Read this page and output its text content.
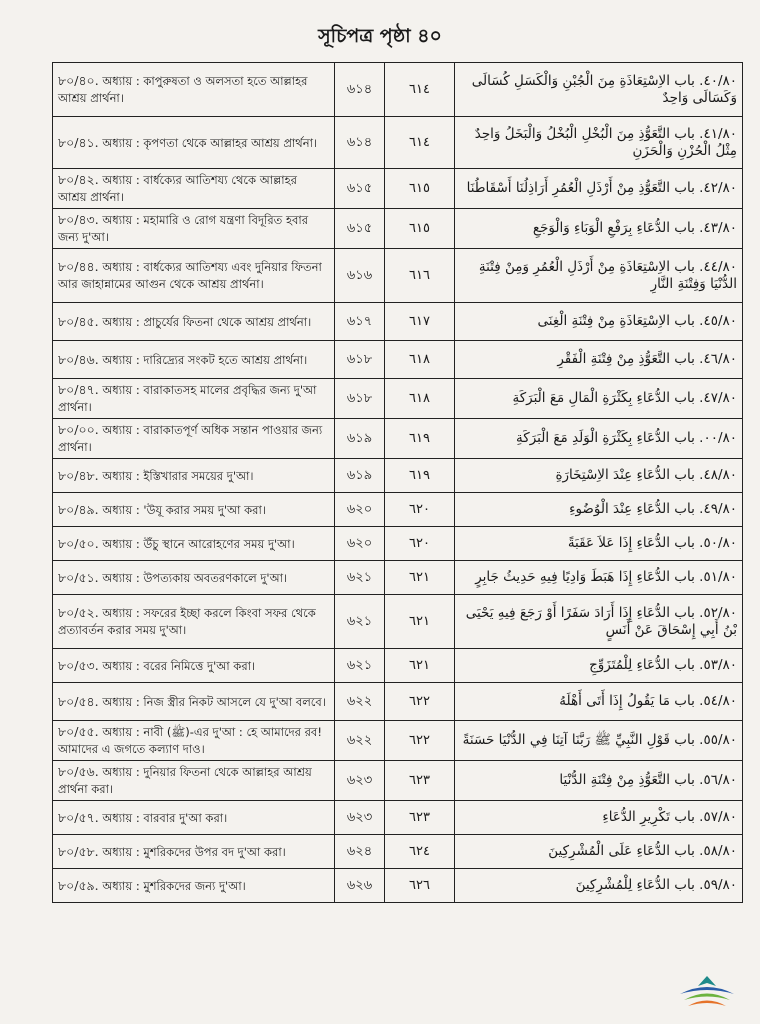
সূচিপত্র পৃষ্ঠা ৪০
৮০/৪০. অধ্যায় : কাপুরুষতা ও অলসতা হতে আল্লাহর আশ্রয় প্রার্থনা।	৬১৪	٦١٤	٤٠/٨٠. باب الاِسْتِعَاذَةِ مِنَ الْجُبْنِ وَالْكَسَلِ كُسَالَى وَكَسَالَى وَاحِدٌ
৮০/৪১. অধ্যায় : কৃপণতা থেকে আল্লাহর আশ্রয় প্রার্থনা।	৬১৪	٦١٤	٤١/٨٠. باب التَّعَوُّذِ مِنَ الْبُخْلِ الْبُخْلُ وَالْبَخَلُ وَاحِدٌ مِثْلُ الْحُزْنِ وَالْحَزَنِ
৮০/৪২. অধ্যায় : বার্ধক্যের আতিশয্য থেকে আল্লাহর আশ্রয় প্রার্থনা।	৬১৫	٦١٥	٤٢/٨٠. باب التَّعَوُّذِ مِنْ أَرْذَلِ الْعُمُرِ أَرَاذِلُنَا أَسْقَاطُنَا
৮০/৪৩. অধ্যায় : মহামারি ও রোগ যন্ত্রণা বিদূরিত হবার জন্য দু'আ।	৬১৫	٦١٥	٤٣/٨٠. باب الدُّعَاءِ بِرَفْعِ الْوَبَاءِ وَالْوَجَعِ
৮০/৪৪. অধ্যায় : বার্ধক্যের আতিশয্য এবং দুনিয়ার ফিতনা আর জাহান্নামের আগুন থেকে আশ্রয় প্রার্থনা।	৬১৬	٦١٦	٤٤/٨٠. باب الاِسْتِعَاذَةِ مِنْ أَرْذَلِ الْعُمُرِ وَمِنْ فِتْنَةِ الدُّنْيَا وَفِتْنَةِ النَّارِ
৮০/৪৫. অধ্যায় : প্রাচুর্যের ফিতনা থেকে আশ্রয় প্রার্থনা।	৬১৭	٦١٧	٤٥/٨٠. باب الاِسْتِعَاذَةِ مِنْ فِتْنَةِ الْغِنَى
৮০/৪৬. অধ্যায় : দারিদ্র্যের সংকট হতে আশ্রয় প্রার্থনা।	৬১৮	٦١٨	٤٦/٨٠. باب التَّعَوُّذِ مِنْ فِتْنَةِ الْفَقْرِ
৮০/৪৭. অধ্যায় : বারাকাতসহ মালের প্রবৃদ্ধির জন্য দু'আ প্রার্থনা।	৬১৮	٦١٨	٤٧/٨٠. باب الدُّعَاءِ بِكَثْرَةِ الْمَالِ مَعَ الْبَرَكَةِ
৮০/০০. অধ্যায় : বারাকাতপূর্ণ অধিক সন্তান পাওয়ার জন্য প্রার্থনা।	৬১৯	٦١٩	٠٠/٨٠. باب الدُّعَاءِ بِكَثْرَةِ الْوَلَدِ مَعَ الْبَرَكَةِ
৮০/৪৮. অধ্যায় : ইস্তিখারার সময়ের দু'আ।	৬১৯	٦١٩	٤٨/٨٠. باب الدُّعَاءِ عِنْدَ الاِسْتِخَارَةِ
৮০/৪৯. অধ্যায় : 'উযূ করার সময় দু'আ করা।	৬২০	٦٢٠	٤٩/٨٠. باب الدُّعَاءِ عِنْدَ الْوُضُوءِ
৮০/৫০. অধ্যায় : উঁচু স্থানে আরোহণের সময় দু'আ।	৬২০	٦٢٠	٥٠/٨٠. باب الدُّعَاءِ إِذَا عَلاَ عَقَبَةً
৮০/৫১. অধ্যায় : উপত্যকায় অবতরণকালে দু'আ।	৬২১	٦٢١	٥١/٨٠. باب الدُّعَاءِ إِذَا هَبَطَ وَادِيًا فِيهِ حَدِيثُ جَابِرٍ
৮০/৫২. অধ্যায় : সফরের ইচ্ছা করলে কিংবা সফর থেকে প্রত্যাবর্তন করার সময় দু'আ।	৬২১	٦٢١	٥٢/٨٠. باب الدُّعَاءِ إِذَا أَرَادَ سَفَرًا أَوْ رَجَعَ فِيهِ يَحْيَى بْنُ أَبِي إِسْحَاقَ عَنْ أَنَسٍ
৮০/৫৩. অধ্যায় : বরের নিমিত্তে দু'আ করা।	৬২১	٦٢١	٥٣/٨٠. باب الدُّعَاءِ لِلْمُتَزَوِّجِ
৮০/৫৪. অধ্যায় : নিজ স্ত্রীর নিকট আসলে যে দু'আ বলবে।	৬২২	٦٢٢	٥٤/٨٠. باب مَا يَقُولُ إِذَا أَتَى أَهْلَهُ
৮০/৫৫. অধ্যায় : নাবী (ﷺ)-এর দু'আ : হে আমাদের রব! আমাদের এ জগতে কল্যাণ দাও।	৬২২	٦٢٢	٥٥/٨٠. باب قَوْلِ النَّبِيِّ ﷺ رَبَّنَا آتِنَا فِي الدُّنْيَا حَسَنَةً
৮০/৫৬. অধ্যায় : দুনিয়ার ফিতনা থেকে আল্লাহর আশ্রয় প্রার্থনা করা।	৬২৩	٦٢٣	٥٦/٨٠. باب التَّعَوُّذِ مِنْ فِتْنَةِ الدُّنْيَا
৮০/৫৭. অধ্যায় : বারবার দু'আ করা।	৬২৩	٦٢٣	٥٧/٨٠. باب تَكْرِيرِ الدُّعَاءِ
৮০/৫৮. অধ্যায় : মুশরিকদের উপর বদ দু'আ করা।	৬২৪	٦٢٤	٥٨/٨٠. باب الدُّعَاءِ عَلَى الْمُشْرِكِينَ
৮০/৫৯. অধ্যায় : মুশরিকদের জন্য দু'আ।	৬২৬	٦٢٦	٥٩/٨٠. باب الدُّعَاءِ لِلْمُشْرِكِينَ
